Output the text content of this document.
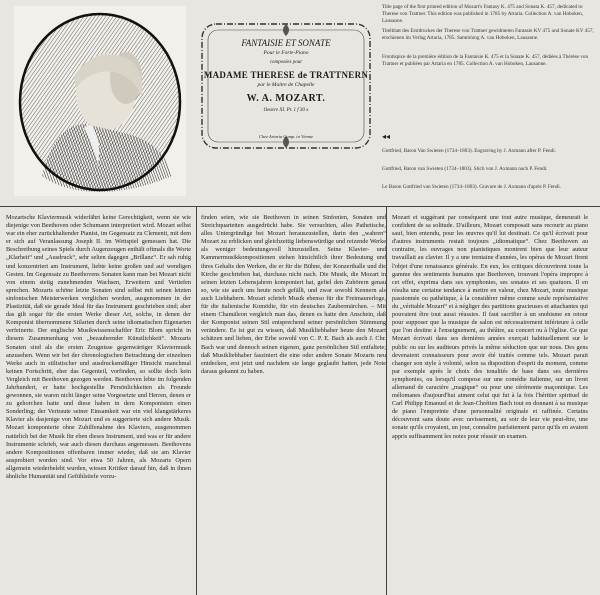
FANTAISIE ET SONATE
Pour le Forte-Piano
composées pour
MADAME THERESE de TRATTNERN
par le Maitre de Chapelle
W. A. MOZART.
Oeuvre XI. Pr. 1 f 30 x
Chez Artaria Comp. in Vienne
Title page of the first printed edition of Mozart's Fantasy K. 475 and Sonata K. 457, dedicated to Therese von Trattner. This edition was published in 1785 by Artaria. Collection A. van Hoboken, Lausanne.
Titelblatt des Erstdruckes der Therese von Trattner gewidmeten Fantasie KV 475 und Sonate KV 457, erschienen im Verlag Artaria, 1785. Sammlung A. van Hoboken, Lausanne.
Frontispice de la première édition de la Fantaisie K. 475 et la Sonate K. 457, dédiées à Thérèse von Trattner et publiées par Artaria en 1785. Collection A. van Hoboken, Lausanne.
◂◂
Gottfried, Baron Van Swieten (1734–1803). Engraving by J. Axmann after P. Fendi.
Gottfried, Baron van Swieten (1734–1803). Stich von J. Axmann nach P. Fendi.
Le Baron Gottfried van Swieten (1734–1803). Gravure de J. Axmann d'après P. Fendi.

Mozartsche Klaviermusik widerfährt keine Gerechtigkeit, wenn sie wie diejenige von Beethoven oder Schumann interpretiert wird. Mozart selbst war ein eher zurückhaltender Pianist, im Gegensatz zu Clementi, mit dem er sich auf Veranlassung Joseph II. im Wettspiel gemessen hat. Die Beschreibung seines Spiels durch Augenzeugen enthält oftmals die Worte „Klarheit“ und „Ausdruck“, sehr selten dagegen „Brillanz“. Er sah ruhig und konzentriert am Instrument, liebte keine großen und auf wendigen Gesten. Im Gegensatz zu Beethovens Sonaten kann man bei Mozart nicht von einem stetig zunehmenden Wachsen, Erweitern und Vertiefen sprechen. Mozarts schöne letzte Sonaten sind selbst mit seinen letzten sinfonischen Meisterwerken verglichen worden, ausgenommen in der Plastizität, daß sie gerade Ideal für das Instrument geschrieben sind; aber das gilt sogar für die ersten Werke dieser Art, solche, in denen der Komponist übernommene Stilarten durch seine idiomatischen Eigenarten verfeinerte. Der englische Musikwissenschaftler Eric Blom spricht in diesem Zusammenhang von „bezaubernder Künstlichkeit“. Mozarts Sonaten sind als die ersten Zeugnisse gegenwärtiger Klaviermusik anzusehen. Wenn wir bei der chronologischen Betrachtung der einzelnen Werke auch in stilistischer und ausdrucksmäßiger Hinsicht manchmal keinen Fortschritt, eher das Gegenteil, vorfinden, so sollte doch kein Vergleich mit Beethoven gezogen werden. Beethoven lebte im folgenden Jahrhundert, er hatte hochgestellte Persönlichkeiten als Freunde gewonnen, sie waren nicht länger seine Vorgesetzte und Herren, denen er zu gehorchen hatte und diese haben in dem Komponisten einen Sonderling; der Vertraute seiner Einsamkeit war ein viel klangstärkeres Klavier als dasjenige von Mozart und es suggerierte sich andere Musik. Mozart komponierte ohne Zuhilfenahme des Klaviers, ausgenommen natürlich bei der Musik für eben dieses Instrument, und was er für andere Instrumente schrieb, war auch diesen durchaus angemessen. Beethovens andere Kompositionen offenbaren immer wieder, daß sie am Klavier ausprobiert worden sind. Vor etwa 50 Jahren, als Mozarts Opern allgemein wiederbelebt wurden, wiesen Kritiker darauf hin, daß in ihnen ähnliche Humanität und Gefühlstiefe vorzu-

finden seien, wie sie Beethoven in seinen Sinfonien, Sonaten und Streichquartetten ausgedrückt habe. Sie versuchten, alles Pathetische, alles Untergründige bei Mozart herauszustellen, darin den „wahren“ Mozart zu erblicken und gleichzeitig liebenswürdige und reizende Werke als weniger bedeutungsvoll hinzustellen. Seine Klavier- und Kammermusikkompositionen stehen hinsichtlich ihrer Bedeutung und ihres Gehalts den Werken, die er für die Bühne, der Konzerthalle und die Kirche geschrieben hat, durchaus nicht nach. Die Musik, die Mozart in seinen letzten Lebensjahren komponiert hat, gefiel den Zuhörern genau so, wie sie auch uns heute noch gefällt, und zwar sowohl Kennern als auch Liebhabern. Mozart schrieb Musik ebenso für die Freimaurerloge, für die italienische Komödie, für ein deutsches Zaubermärchen. – Mit einem Chamäleon vergleich man das, denen es hatte den Anschein, daß der Komponist seinen Stil entsprechend seiner persönlichen Stimmung verändere. Es ist gut zu wissen, daß Musikliebhaber heute den Mozart schätzen und lieben, der Erbe sowohl von C. P. E. Bach als auch J. Chr. Bach war und dennoch seinen eigenen, ganz persönlichen Stil entfaltete; daß Musikliebhaber fasziniert die eine oder andere Sonate Mozarts neu entdecken, erst jetzt und nachdem sie lange geglaubt hatten, jede Note daraus gekannt zu haben.

Mozart et suggérant par conséquent une tout autre musique, demeurait le confident de sa solitude. D'ailleurs, Mozart composait sans recourir au piano sauf, bien entendu, pour les œuvres qu'il lui destinait. Ce qu'il écrivait pour d'autres instruments restait toujours „idiomatique“. Chez Beethoven au contraire, les ouvrages non pianistiques montrent bien que leur auteur travaillait au clavier. Il y a une trentaine d'années, les opéras de Mozart firent l'objet d'une renaissance générale. En eux, les critiques découvrirent toute la gamme des sentiments humains que Beethoven, trouvant l'opéra impropre à cet effet, exprima dans ses symphonies, ses sonates et ses quatuors. Il en résulta une certaine tendance à mettre en valeur, chez Mozart, toute musique passionnée ou pathétique, à la considérer même comme seule représentative du „véritable Mozart“ et à négliger des partitions gracieuses et attachantes qui pouvaient être tout aussi réussies. Il faut sacrifier à un snobisme en retour pour supposer que la musique de salon est nécessairement inférieure à celle que l'on destine à l'enseignement, au théâtre, au concert ou à l'église. Ce que Mozart écrivait dans ses dernières années exerçait habituellement sur le public ou sur les auditeurs privés la même séduction que sur nous. Des gens devenaient connaisseurs pour avoir été traités comme tels. Mozart parait changer son style à volonté, selon sa disposition d'esprit du moment, comme par exemple après le choix des tonalités de base dans ses dernières symphonies, ou lorsqu'il compose sur une comédie italienne, sur un livret allemand de caractère „magique“ ou pour une cérémonie maçonnique. Les mélomanes d'aujourd'hui aiment celui qui fut à la fois l'héritier spirituel de Carl Philipp Emanuel et de Jean-Chrétien Bach tout en donnant à sa musique de piano l'empreinte d'une personnalité originale et raffinée. Certains découvrent sans doute avec ravissement, au soir de leur vie peut-être, une sonate qu'ils croyaient, un jour, connaître parfaitement parce qu'ils en avaient appris suffisamment les notes pour réussir un examen.
